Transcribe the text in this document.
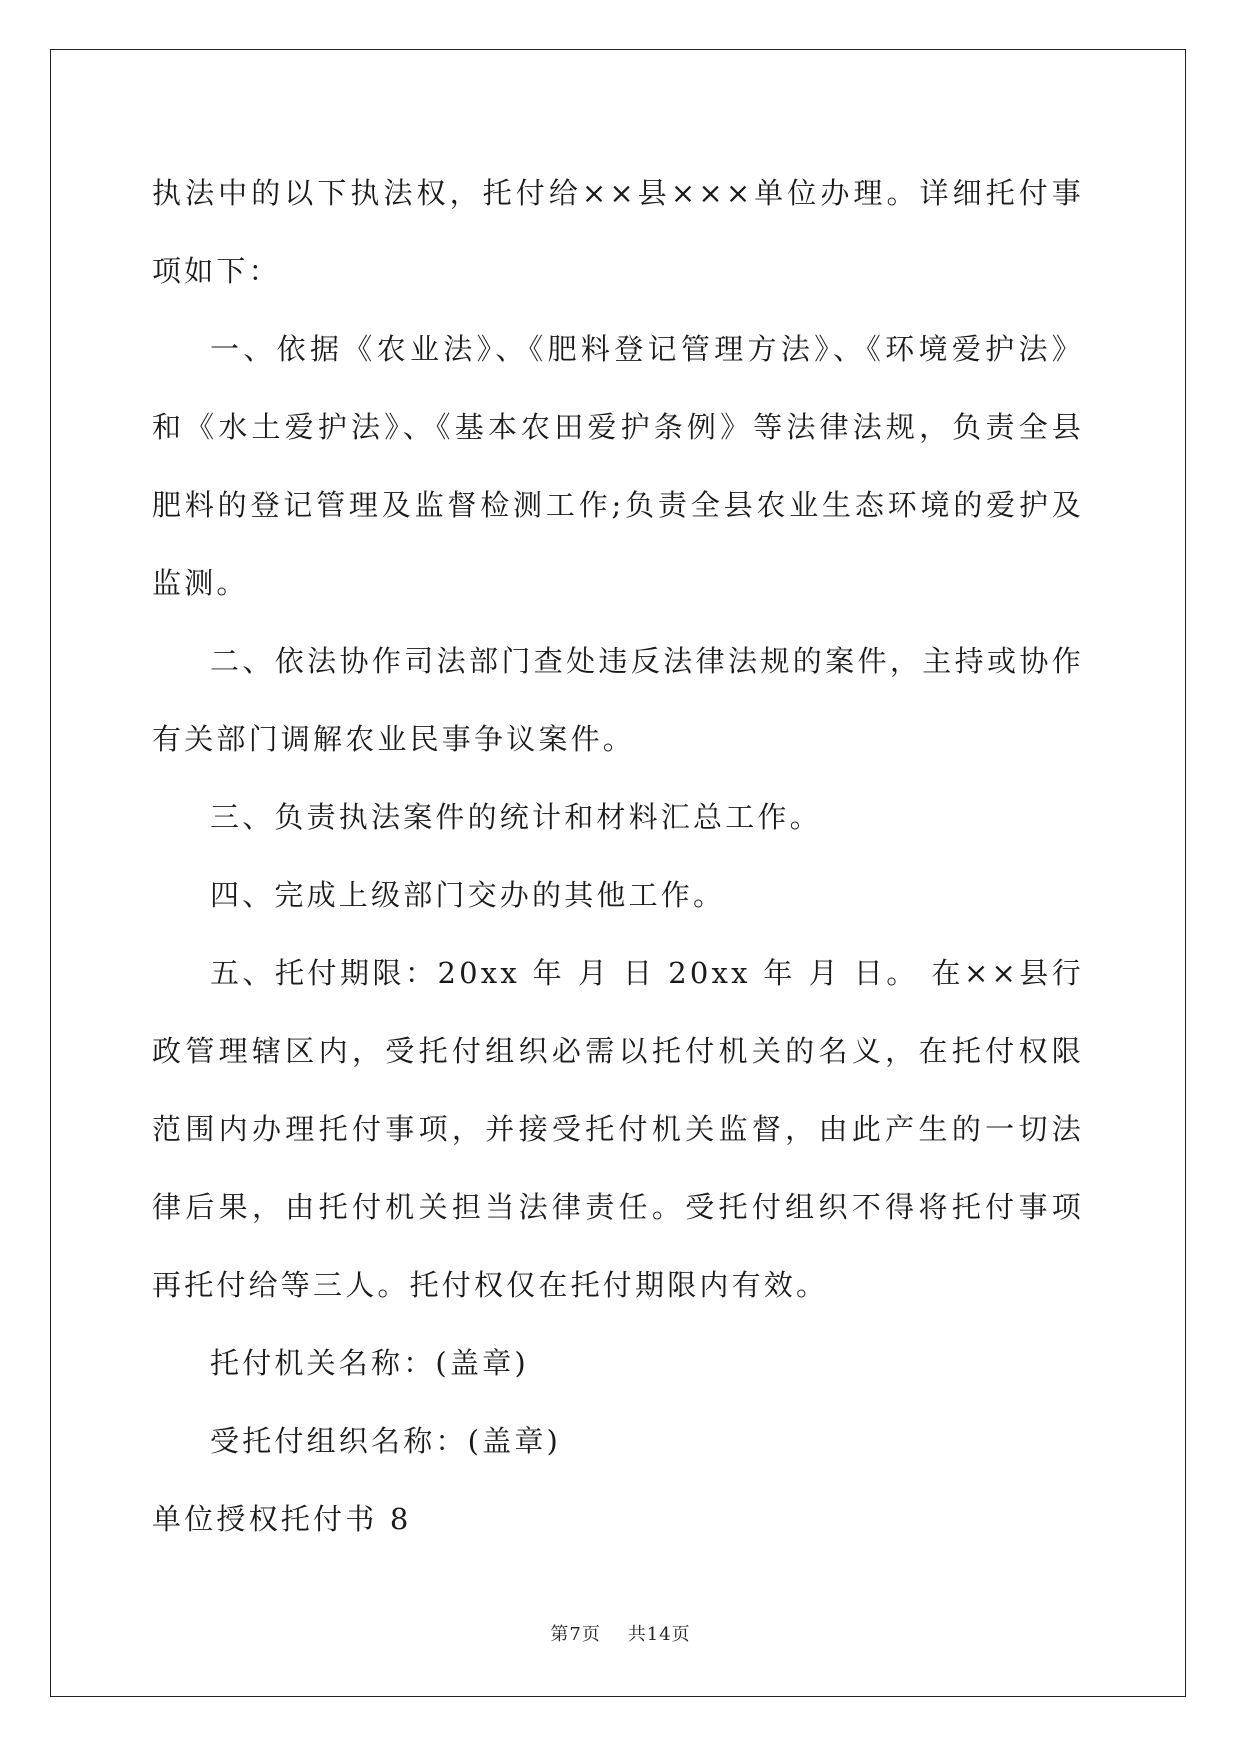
执法中的以下执法权，托付给××县×××单位办理。详细托付事项如下：

一、依据《农业法》、《肥料登记管理方法》、《环境爱护法》和《水土爱护法》、《基本农田爱护条例》等法律法规，负责全县肥料的登记管理及监督检测工作;负责全县农业生态环境的爱护及监测。

二、依法协作司法部门查处违反法律法规的案件，主持或协作有关部门调解农业民事争议案件。

三、负责执法案件的统计和材料汇总工作。

四、完成上级部门交办的其他工作。

五、托付期限：20xx 年 月 日 20xx 年 月 日。 在××县行政管理辖区内，受托付组织必需以托付机关的名义，在托付权限范围内办理托付事项，并接受托付机关监督，由此产生的一切法律后果，由托付机关担当法律责任。受托付组织不得将托付事项再托付给等三人。托付权仅在托付期限内有效。

托付机关名称：(盖章)

受托付组织名称：(盖章)

单位授权托付书 8

第7页 共14页
